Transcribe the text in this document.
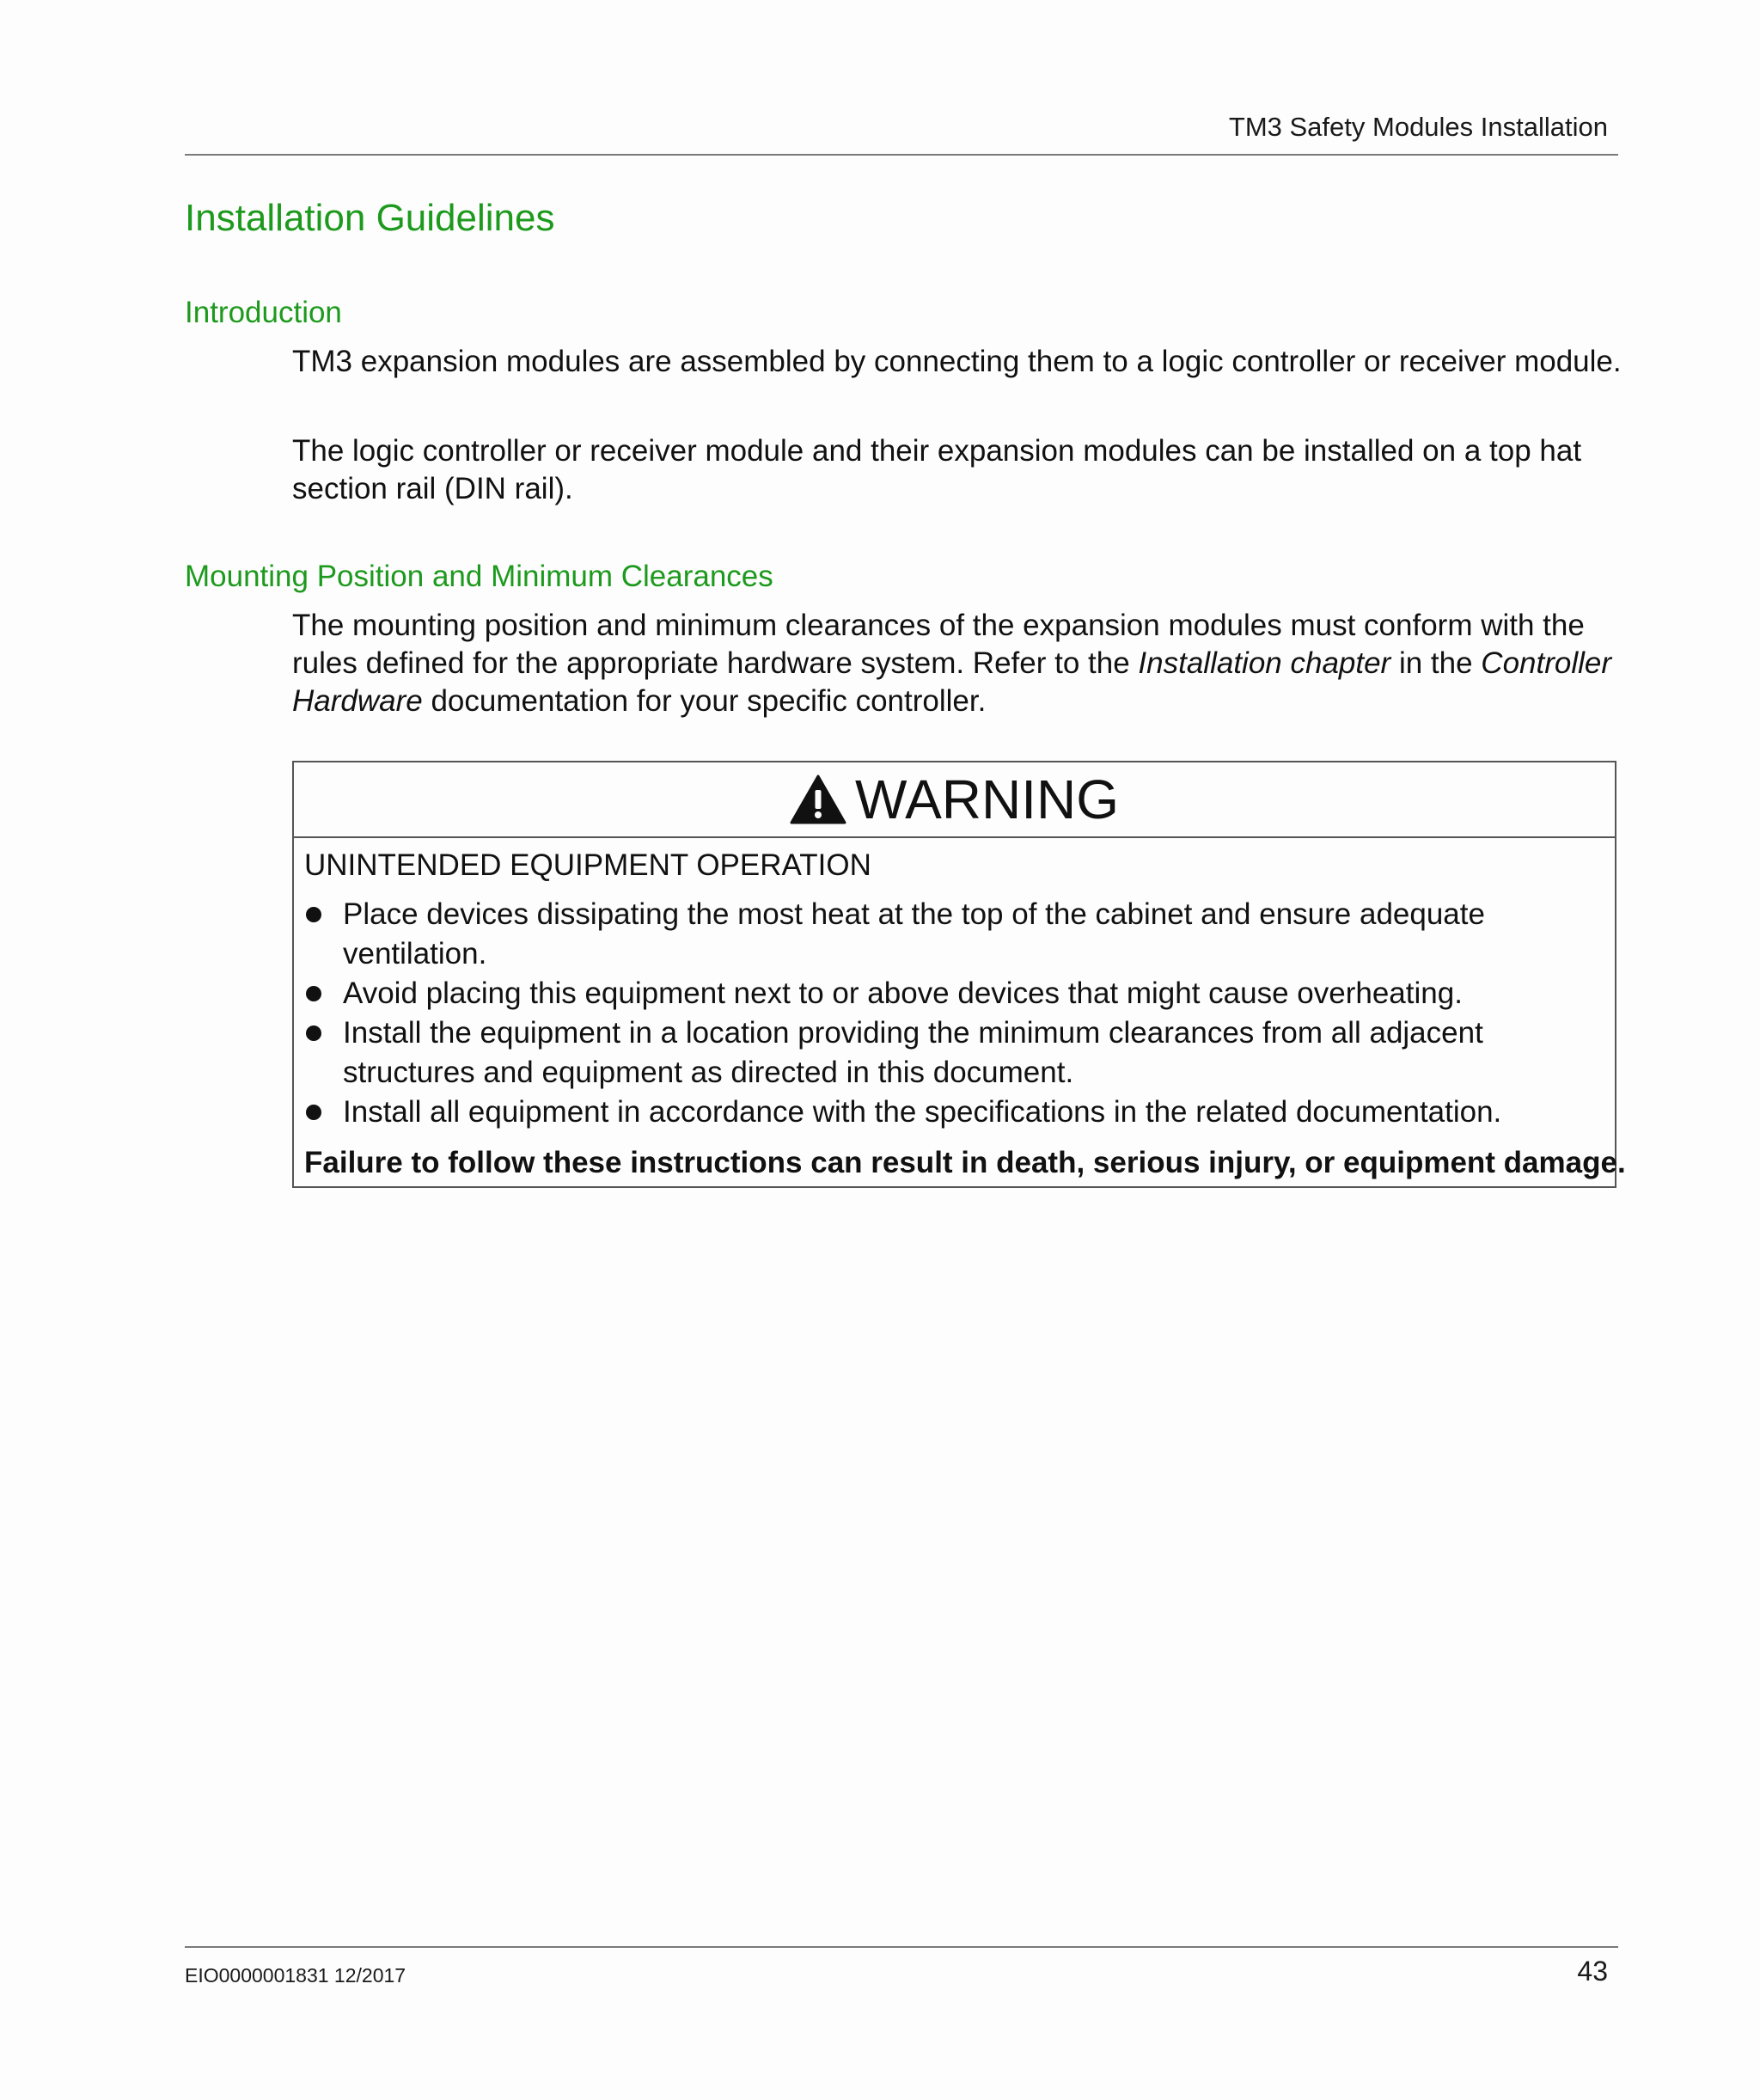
TM3 Safety Modules Installation
Installation Guidelines
Introduction
TM3 expansion modules are assembled by connecting them to a logic controller or receiver module.
The logic controller or receiver module and their expansion modules can be installed on a top hat section rail (DIN rail).
Mounting Position and Minimum Clearances
The mounting position and minimum clearances of the expansion modules must conform with the rules defined for the appropriate hardware system. Refer to the Installation chapter in the Controller Hardware documentation for your specific controller.
WARNING
UNINTENDED EQUIPMENT OPERATION
Place devices dissipating the most heat at the top of the cabinet and ensure adequate ventilation.
Avoid placing this equipment next to or above devices that might cause overheating.
Install the equipment in a location providing the minimum clearances from all adjacent structures and equipment as directed in this document.
Install all equipment in accordance with the specifications in the related documentation.
Failure to follow these instructions can result in death, serious injury, or equipment damage.
EIO0000001831 12/2017	43
